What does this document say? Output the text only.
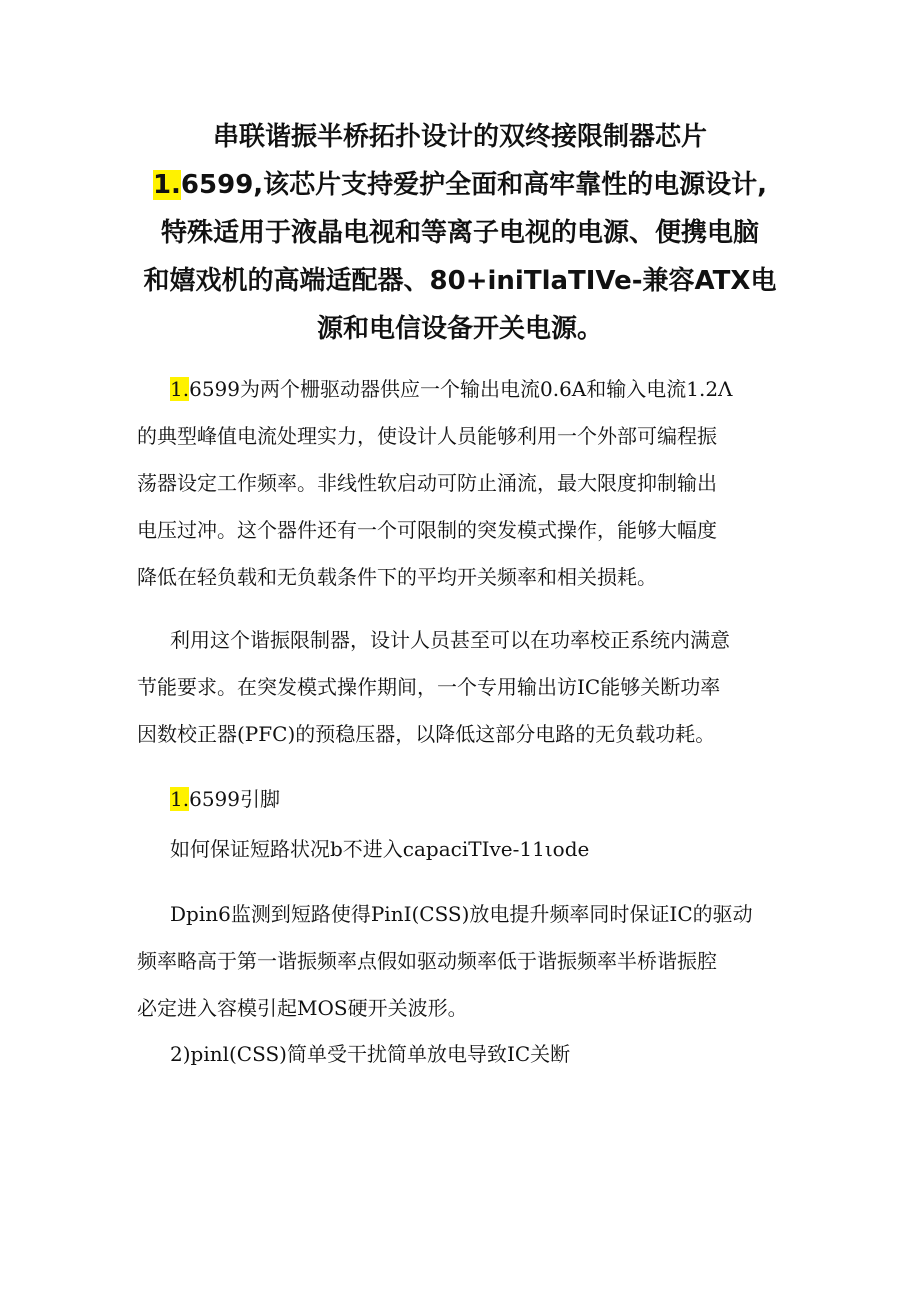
串联谐振半桥拓扑设计的双终接限制器芯片
1.6599,该芯片支持爱护全面和高牢靠性的电源设计,
特殊适用于液晶电视和等离子电视的电源、便携电脑
和嬉戏机的高端适配器、80+iniTlaTIVe-兼容ATX电
源和电信设备开关电源。
1.6599为两个栅驱动器供应一个输出电流0.6A和输入电流1.2Λ
的典型峰值电流处理实力，使设计人员能够利用一个外部可编程振
荡器设定工作频率。非线性软启动可防止涌流，最大限度抑制输出
电压过冲。这个器件还有一个可限制的突发模式操作，能够大幅度
降低在轻负载和无负载条件下的平均开关频率和相关损耗。
利用这个谐振限制器，设计人员甚至可以在功率校正系统内满意
节能要求。在突发模式操作期间，一个专用输出访IC能够关断功率
因数校正器(PFC)的预稳压器，以降低这部分电路的无负载功耗。
1.6599引脚
如何保证短路状况b不进入capaciTIve-11ιode
Dpin6监测到短路使得PinI(CSS)放电提升频率同时保证IC的驱动
频率略高于第一谐振频率点假如驱动频率低于谐振频率半桥谐振腔
必定进入容模引起MOS硬开关波形。
2)pinl(CSS)简单受干扰简单放电导致IC关断
